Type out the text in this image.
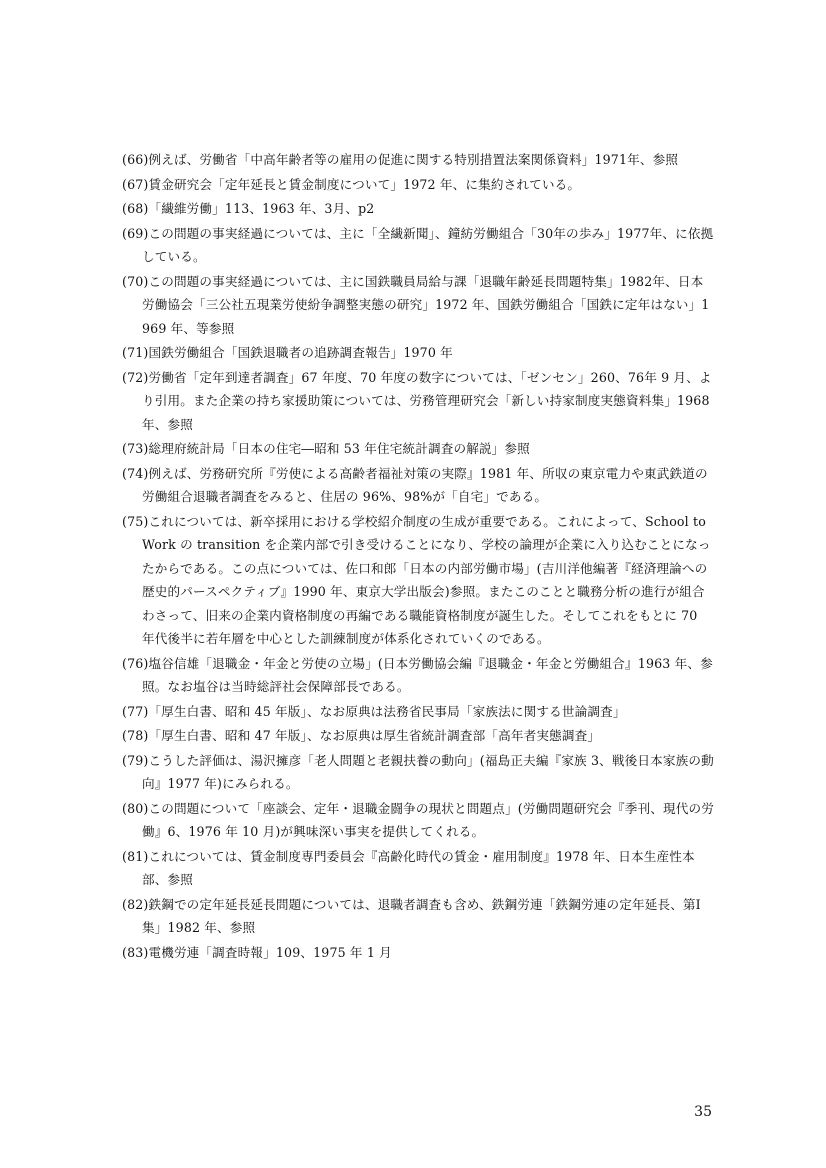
(66)例えば、労働省「中高年齢者等の雇用の促進に関する特別措置法案関係資料」1971年、参照

(67)賃金研究会「定年延長と賃金制度について」1972 年、に集約されている。

(68)「繊維労働」113、1963 年、3月、p2

(69)この問題の事実経過については、主に「全繊新聞」、鐘紡労働組合「30年の歩み」1977年、に依拠している。

(70)この問題の事実経過については、主に国鉄職員局給与課「退職年齢延長問題特集」1982年、日本労働協会「三公社五現業労使紛争調整実態の研究」1972 年、国鉄労働組合「国鉄に定年はない」1969 年、等参照

(71)国鉄労働組合「国鉄退職者の追跡調査報告」1970 年

(72)労働省「定年到達者調査」67 年度、70 年度の数字については、「ゼンセン」260、76年 9 月、より引用。また企業の持ち家援助策については、労務管理研究会「新しい持家制度実態資料集」1968 年、参照

(73)総理府統計局「日本の住宅―昭和 53 年住宅統計調査の解説」参照

(74)例えば、労務研究所『労使による高齢者福祉対策の実際』1981 年、所収の東京電力や東武鉄道の労働組合退職者調査をみると、住居の 96%、98%が「自宅」である。

(75)これについては、新卒採用における学校紹介制度の生成が重要である。これによって、School to Work の transition を企業内部で引き受けることになり、学校の論理が企業に入り込むことになったからである。この点については、佐口和郎「日本の内部労働市場」(吉川洋他編著『経済理論への歴史的パースペクティブ』1990 年、東京大学出版会)参照。またこのことと職務分析の進行が組合わさって、旧来の企業内資格制度の再編である職能資格制度が誕生した。そしてこれをもとに 70 年代後半に若年層を中心とした訓練制度が体系化されていくのである。

(76)塩谷信雄「退職金・年金と労使の立場」(日本労働協会編『退職金・年金と労働組合』1963 年、参照。なお塩谷は当時総評社会保障部長である。

(77)「厚生白書、昭和 45 年版」、なお原典は法務省民事局「家族法に関する世論調査」

(78)「厚生白書、昭和 47 年版」、なお原典は厚生省統計調査部「高年者実態調査」

(79)こうした評価は、湯沢擁彦「老人問題と老親扶養の動向」(福島正夫編『家族 3、戦後日本家族の動向』1977 年)にみられる。

(80)この問題について「座談会、定年・退職金闘争の現状と問題点」(労働問題研究会『季刊、現代の労働』6、1976 年 10 月)が興味深い事実を提供してくれる。

(81)これについては、賃金制度専門委員会『高齢化時代の賃金・雇用制度』1978 年、日本生産性本部、参照

(82)鉄鋼での定年延長延長問題については、退職者調査も含め、鉄鋼労連「鉄鋼労連の定年延長、第Ⅰ集」1982 年、参照

(83)電機労連「調査時報」109、1975 年 1 月

35
